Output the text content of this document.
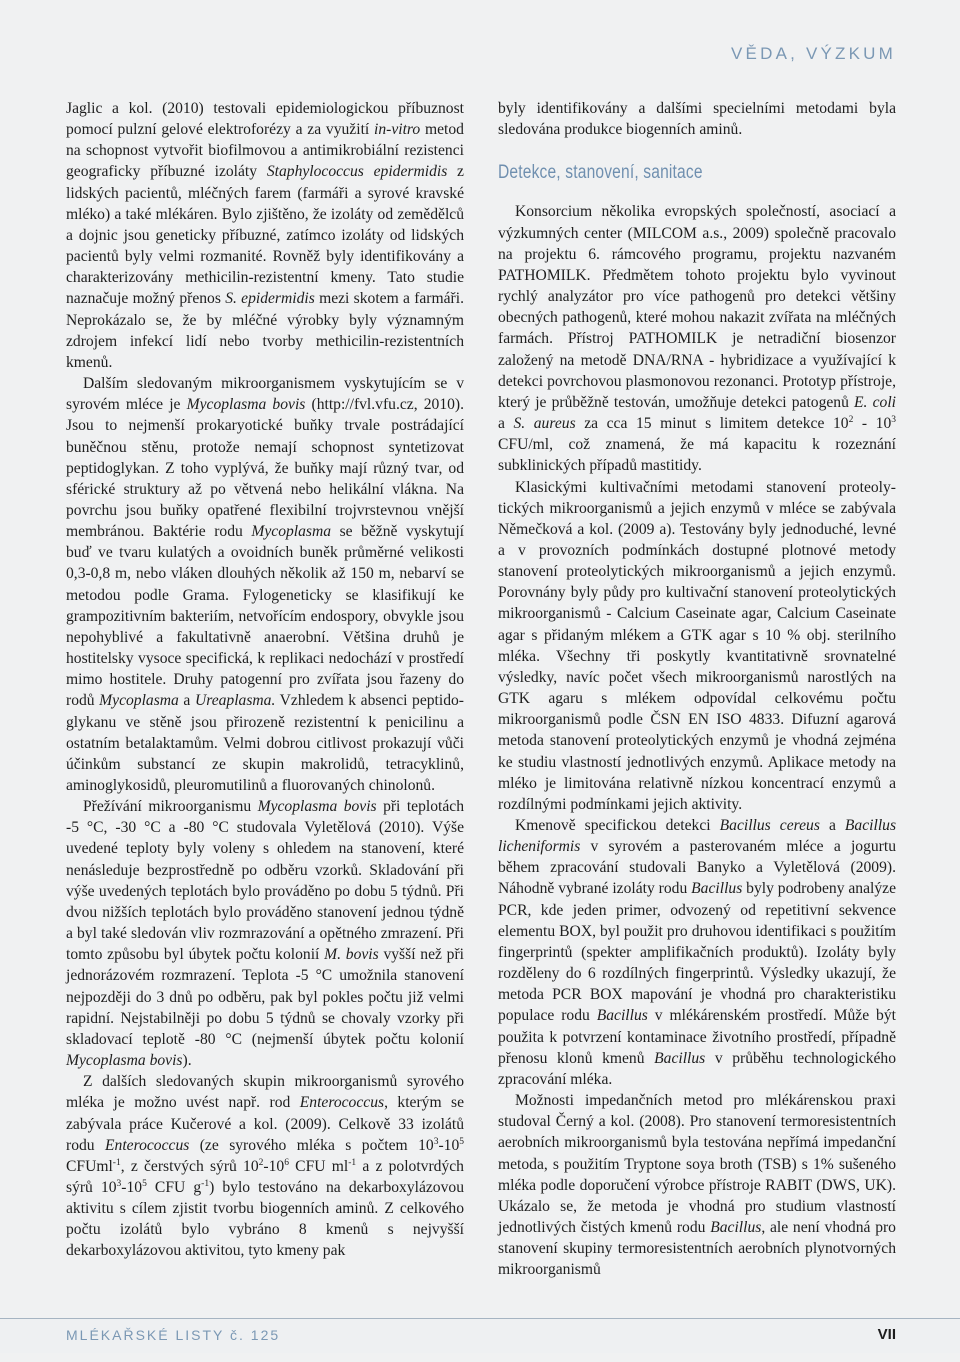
VĚDA, VÝZKUM

Jaglic a kol. (2010) testovali epidemiologickou příbuznost pomocí pulzní gelové elektroforézy a za využití in-vitro metod na schopnost vytvořit biofilmovou a antimikrobiální rezistenci geograficky příbuzné izoláty Staphylococcus epidermidis z lidských pacientů, mléčných farem (farmáři a syrové kravské mléko) a také mlékáren. Bylo zjištěno, že izoláty od zemědělců a dojnic jsou geneticky příbuzné, zatímco izoláty od lidských pacientů byly velmi rozmanité. Rovněž byly identifikovány a charakterizovány methicilin-rezistentní kmeny. Tato studie naznačuje možný přenos S. epidermidis mezi skotem a farmáři. Neprokázalo se, že by mléčné výrobky byly významným zdrojem infekcí lidí nebo tvorby methicilin-rezistentních kmenů.

Dalším sledovaným mikroorganismem vyskytujícím se v syrovém mléce je Mycoplasma bovis (http://fvl.vfu.cz, 2010). Jsou to nejmenší prokaryotické buňky trvale postrádající buněčnou stěnu, protože nemají schopnost syntetizovat peptidoglykan. Z toho vyplývá, že buňky mají různý tvar, od sférické struktury až po větvená nebo helikální vlákna. Na povrchu jsou buňky opatřené flexibilní trojvrstevnou vnější membránou. Baktérie rodu Mycoplasma se běžně vyskytují buď ve tvaru kulatých a ovoidních buněk průměrné velikosti 0,3-0,8 m, nebo vláken dlouhých několik až 150 m, nebarví se metodou podle Grama. Fylogeneticky se klasifikují ke grampozitivním bakteriím, netvořícím endospory, obvykle jsou nepohyblivé a fakultativně anaerobní. Většina druhů je hostitelsky vysoce specifická, k replikaci nedochází v prostředí mimo hostitele. Druhy patogenní pro zvířata jsou řazeny do rodů Mycoplasma a Ureaplasma. Vzhledem k absenci peptidoglykanu ve stěně jsou přirozeně rezistentní k penicilinu a ostatním betalaktamům. Velmi dobrou citlivost prokazují vůči účinkům substancí ze skupin makrolidů, tetracyklinů, aminoglykosidů, pleuromutilinů a fluorovaných chinolonů.

Přežívání mikroorganismu Mycoplasma bovis při teplotách -5 °C, -30 °C a -80 °C studovala Vyletělová (2010). Výše uvedené teploty byly voleny s ohledem na stanovení, které nenásleduje bezprostředně po odběru vzorků. Skladování při výše uvedených teplotách bylo prováděno po dobu 5 týdnů. Při dvou nižších teplotách bylo prováděno stanovení jednou týdně a byl také sledován vliv rozmrazování a opětného zmrazení. Při tomto způsobu byl úbytek počtu kolonií M. bovis vyšší než při jednorázovém rozmrazení. Teplota -5 °C umožnila stanovení nejpozději do 3 dnů po odběru, pak byl pokles počtu již velmi rapidní. Nejstabilněji po dobu 5 týdnů se chovaly vzorky při skladovací teplotě -80 °C (nejmenší úbytek počtu kolonií Mycoplasma bovis).

Z dalších sledovaných skupin mikroorganismů syrového mléka je možno uvést např. rod Enterococcus, kterým se zabývala práce Kučerové a kol. (2009). Celkově 33 izolátů rodu Enterococcus (ze syrového mléka s počtem $10^3-10^5$ CFUml$^{-1}$, z čerstvých sýrů $10^2-10^6$ CFU $ml^{-1}$ a z polotvrdých sýrů $10^3-10^5$ CFU $g^{-1}$) bylo testováno na dekarboxylázovou aktivitu s cílem zjistit tvorbu biogenních aminů. Z celkového počtu izolátů bylo vybráno 8 kmenů s nejvyšší dekarboxylázovou aktivitou, tyto kmeny pak

byly identifikovány a dalšími specielními metodami byla sledována produkce biogenních aminů.

Detekce, stanovení, sanitace

Konsorcium několika evropských společností, asociací a výzkumných center (MILCOM a.s., 2009) společně pracovalo na projektu 6. rámcového programu, projektu nazvaném PATHOMILK. Předmětem tohoto projektu bylo vyvinout rychlý analyzátor pro více pathogenů pro detekci většiny obecných pathogenů, které mohou nakazit zvířata na mléčných farmách. Přístroj PATHOMILK je netradiční biosenzor založený na metodě DNA/RNA - hybridizace a využívající k detekci povrchovou plasmonovou rezonanci. Prototyp přístroje, který je průběžně testován, umožňuje detekci patogenů E. coli a S. aureus za cca 15 minut s limitem detekce $10^2 - 10^3$ CFU/ml, což znamená, že má kapacitu k rozeznání subklinických případů mastitidy.

Klasickými kultivačními metodami stanovení proteolytických mikroorganismů a jejich enzymů v mléce se zabývala Němečková a kol. (2009 a). Testovány byly jednoduché, levné a v provozních podmínkách dostupné plotnové metody stanovení proteolytických mikroorganismů a jejich enzymů. Porovnány byly půdy pro kultivační stanovení proteolytických mikroorganismů - Calcium Caseinate agar, Calcium Caseinate agar s přidaným mlékem a GTK agar s 10 % obj. sterilního mléka. Všechny tři poskytly kvantitativně srovnatelné výsledky, navíc počet všech mikroorganismů narostlých na GTK agaru s mlékem odpovídal celkovému počtu mikroorganismů podle ČSN EN ISO 4833. Difuzní agarová metoda stanovení proteolytických enzymů je vhodná zejména ke studiu vlastností jednotlivých enzymů. Aplikace metody na mléko je limitována relativně nízkou koncentrací enzymů a rozdílnými podmínkami jejich aktivity.

Kmenově specifickou detekci Bacillus cereus a Bacillus licheniformis v syrovém a pasterovaném mléce a jogurtu během zpracování studovali Banyko a Vyletělová (2009). Náhodně vybrané izoláty rodu Bacillus byly podrobeny analýze PCR, kde jeden primer, odvozený od repetitivní sekvence elementu BOX, byl použit pro druhovou identifikaci s použitím fingerprintů (spekter amplifikačních produktů). Izoláty byly rozděleny do 6 rozdílných fingerprintů. Výsledky ukazují, že metoda PCR BOX mapování je vhodná pro charakteristiku populace rodu Bacillus v mlékárenském prostředí. Může být použita k potvrzení kontaminace životního prostředí, případně přenosu klonů kmenů Bacillus v průběhu technologického zpracování mléka.

Možnosti impedančních metod pro mlékárenskou praxi studoval Černý a kol. (2008). Pro stanovení termoresistentních aerobních mikroorganismů byla testována nepřímá impedanční metoda, s použitím Tryptone soya broth (TSB) s 1% sušeného mléka podle doporučení výrobce přístroje RABIT (DWS, UK). Ukázalo se, že metoda je vhodná pro studium vlastností jednotlivých čistých kmenů rodu Bacillus, ale není vhodná pro stanovení skupiny termoresistentních aerobních plynotvorných mikroorganismů

MLÉKAŘSKÉ LISTY č. 125	VII
